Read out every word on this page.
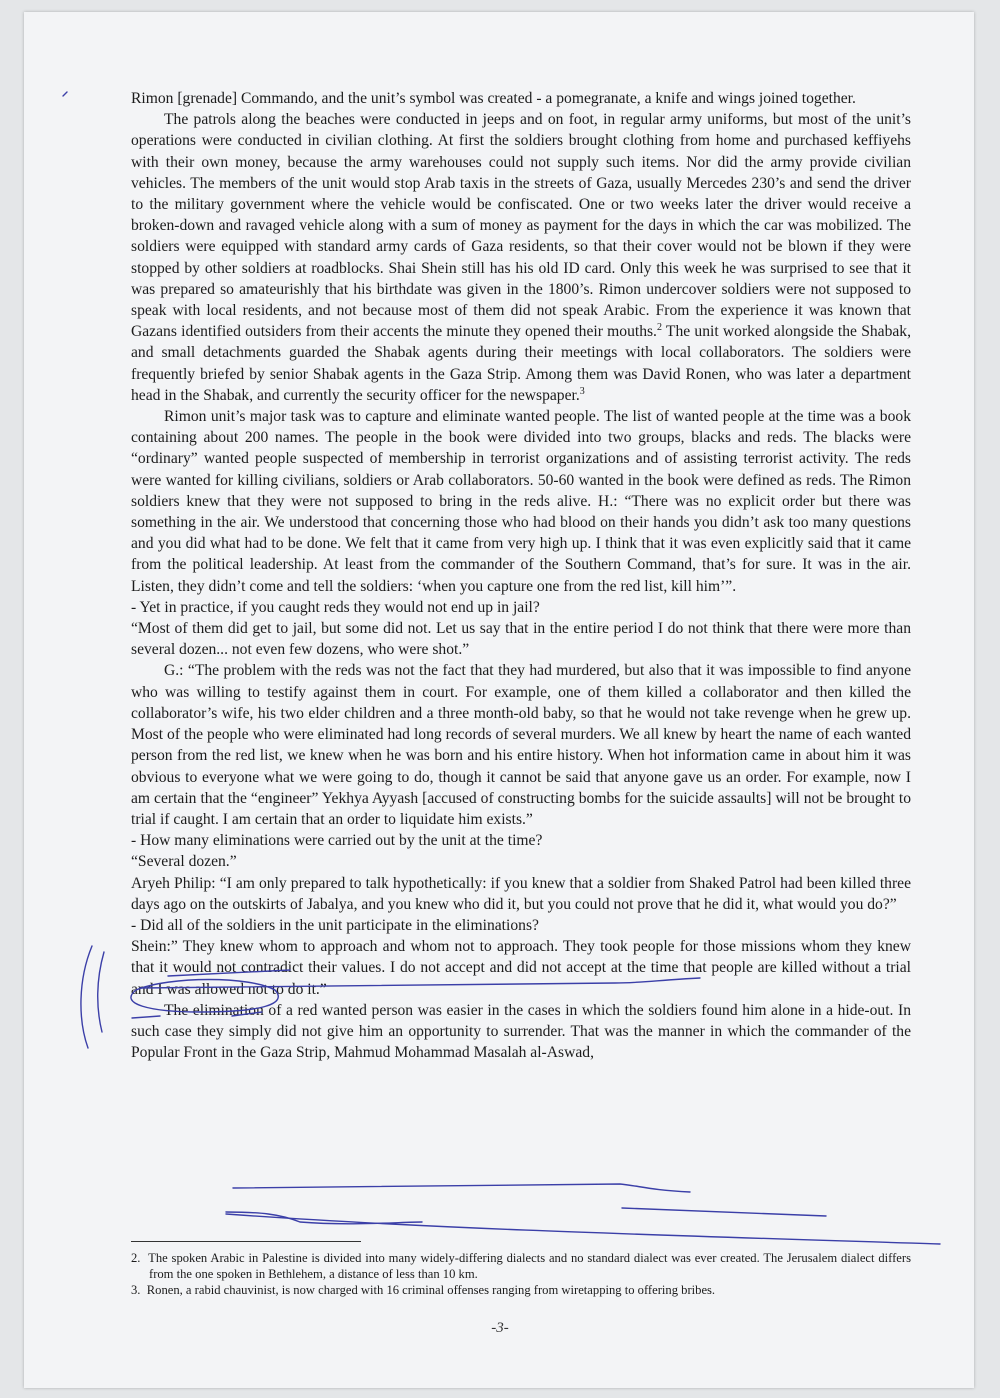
Rimon [grenade] Commando, and the unit’s symbol was created - a pomegranate, a knife and wings joined together.

The patrols along the beaches were conducted in jeeps and on foot, in regular army uniforms, but most of the unit’s operations were conducted in civilian clothing. At first the soldiers brought clothing from home and purchased keffiyehs with their own money, because the army warehouses could not supply such items. Nor did the army provide civilian vehicles. The members of the unit would stop Arab taxis in the streets of Gaza, usually Mercedes 230’s and send the driver to the military government where the vehicle would be confiscated. One or two weeks later the driver would receive a broken-down and ravaged vehicle along with a sum of money as payment for the days in which the car was mobilized. The soldiers were equipped with standard army cards of Gaza residents, so that their cover would not be blown if they were stopped by other soldiers at roadblocks. Shai Shein still has his old ID card. Only this week he was surprised to see that it was prepared so amateurishly that his birthdate was given in the 1800’s. Rimon undercover soldiers were not supposed to speak with local residents, and not because most of them did not speak Arabic. From the experience it was known that Gazans identified outsiders from their accents the minute they opened their mouths.$^2$ The unit worked alongside the Shabak, and small detachments guarded the Shabak agents during their meetings with local collaborators. The soldiers were frequently briefed by senior Shabak agents in the Gaza Strip. Among them was David Ronen, who was later a department head in the Shabak, and currently the security officer for the newspaper.$^3$

Rimon unit’s major task was to capture and eliminate wanted people. The list of wanted people at the time was a book containing about 200 names. The people in the book were divided into two groups, blacks and reds. The blacks were “ordinary” wanted people suspected of membership in terrorist organizations and of assisting terrorist activity. The reds were wanted for killing civilians, soldiers or Arab collaborators. 50-60 wanted in the book were defined as reds. The Rimon soldiers knew that they were not supposed to bring in the reds alive. H.: “There was no explicit order but there was something in the air. We understood that concerning those who had blood on their hands you didn’t ask too many questions and you did what had to be done. We felt that it came from very high up. I think that it was even explicitly said that it came from the political leadership. At least from the commander of the Southern Command, that’s for sure. It was in the air. Listen, they didn’t come and tell the soldiers: ‘when you capture one from the red list, kill him’”.

- Yet in practice, if you caught reds they would not end up in jail?

“Most of them did get to jail, but some did not. Let us say that in the entire period I do not think that there were more than several dozen... not even few dozens, who were shot.”

G.: “The problem with the reds was not the fact that they had murdered, but also that it was impossible to find anyone who was willing to testify against them in court. For example, one of them killed a collaborator and then killed the collaborator’s wife, his two elder children and a three month-old baby, so that he would not take revenge when he grew up. Most of the people who were eliminated had long records of several murders. We all knew by heart the name of each wanted person from the red list, we knew when he was born and his entire history. When hot information came in about him it was obvious to everyone what we were going to do, though it cannot be said that anyone gave us an order. For example, now I am certain that the “engineer” Yekhya Ayyash [accused of constructing bombs for the suicide assaults] will not be brought to trial if caught. I am certain that an order to liquidate him exists.”

- How many eliminations were carried out by the unit at the time?

“Several dozen.”

Aryeh Philip: “I am only prepared to talk hypothetically: if you knew that a soldier from Shaked Patrol had been killed three days ago on the outskirts of Jabalya, and you knew who did it, but you could not prove that he did it, what would you do?”

- Did all of the soldiers in the unit participate in the eliminations?

Shein:” They knew whom to approach and whom not to approach. They took people for those missions whom they knew that it would not contradict their values. I do not accept and did not accept at the time that people are killed without a trial and I was allowed not to do it.”

The elimination of a red wanted person was easier in the cases in which the soldiers found him alone in a hide-out. In such case they simply did not give him an opportunity to surrender. That was the manner in which the commander of the Popular Front in the Gaza Strip, Mahmud Mohammad Masalah al-Aswad,

2.  The spoken Arabic in Palestine is divided into many widely-differing dialects and no standard dialect was ever created. The Jerusalem dialect differs from the one spoken in Bethlehem, a distance of less than 10 km.
3.  Ronen, a rabid chauvinist, is now charged with 16 criminal offenses ranging from wiretapping to offering bribes.
-3-
